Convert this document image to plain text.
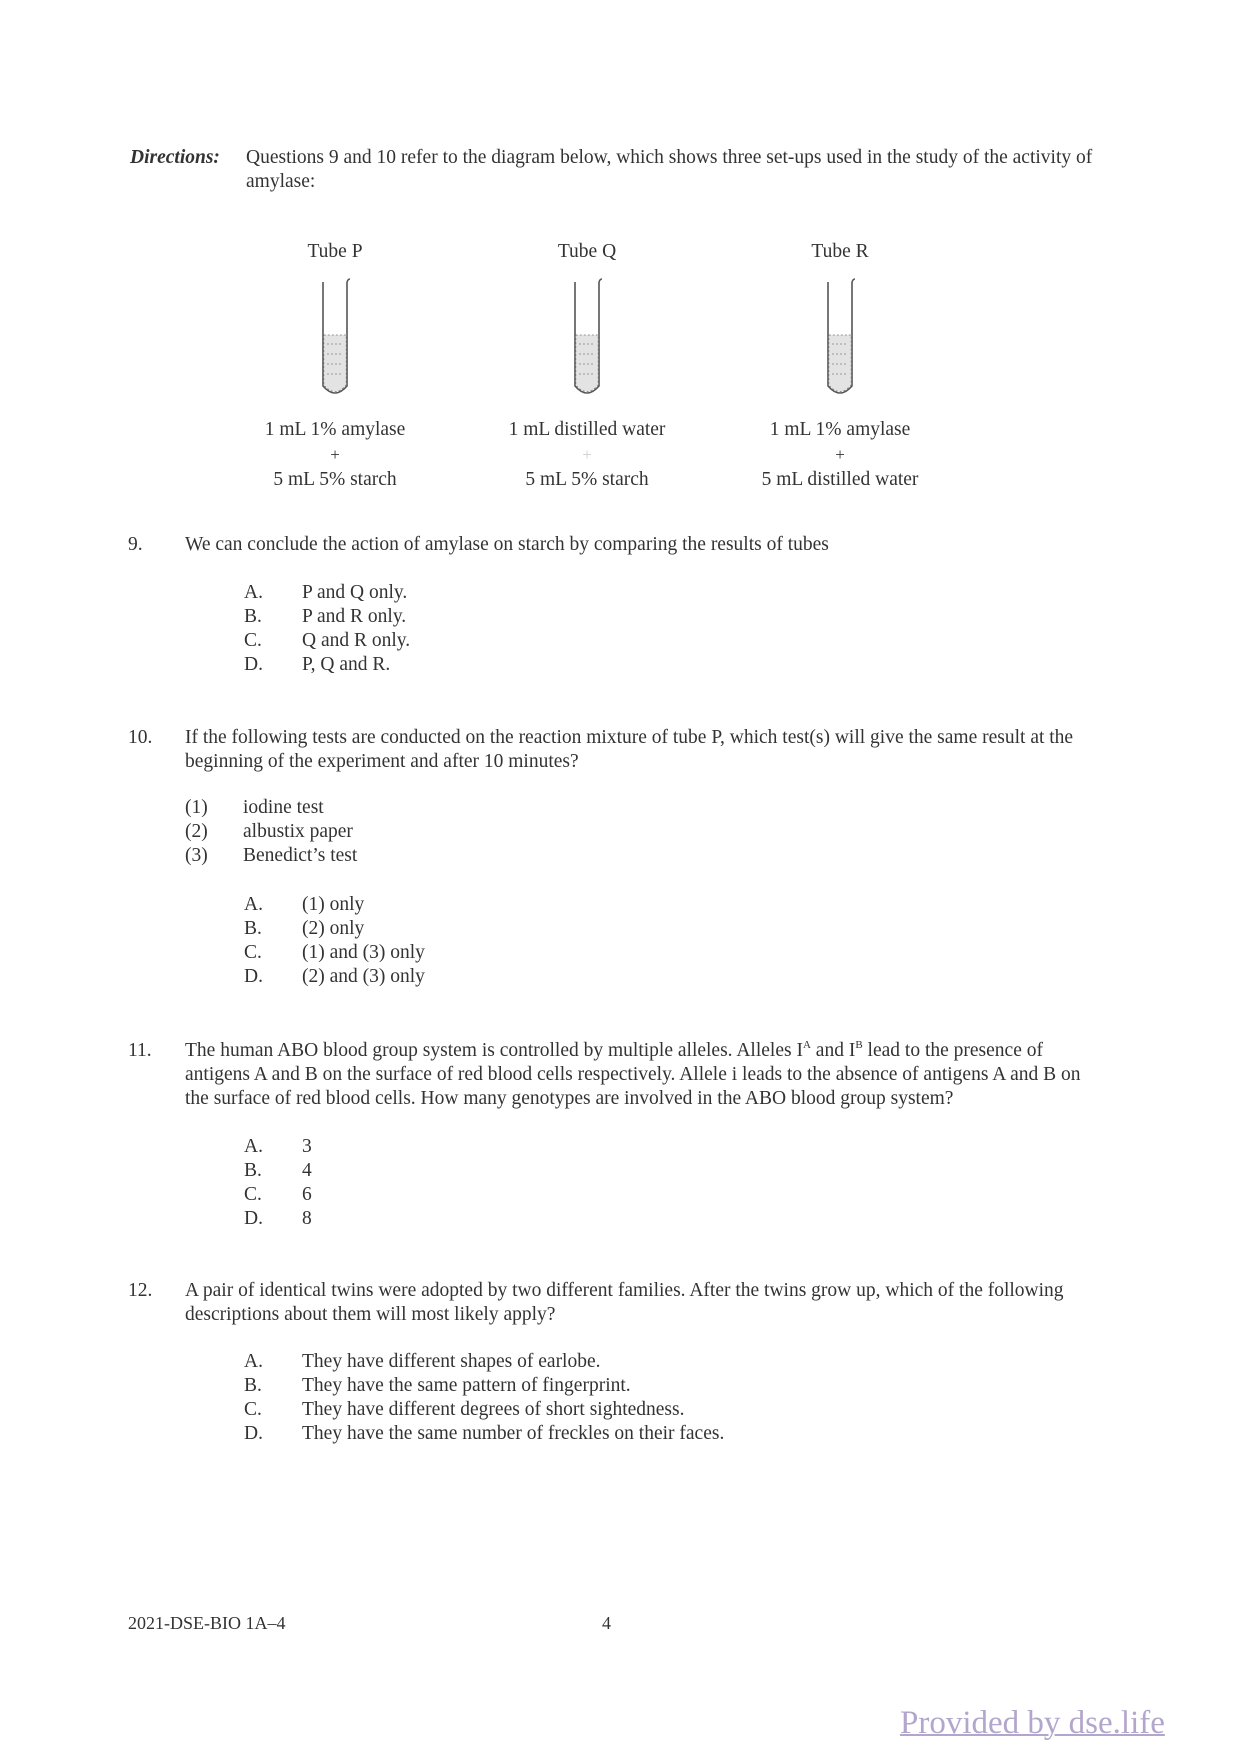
Directions:	Questions 9 and 10 refer to the diagram below, which shows three set-ups used in the study of the activity of amylase:
Tube P
1 mL 1% amylase
+
5 mL 5% starch
Tube Q
1 mL distilled water
+
5 mL 5% starch
Tube R
1 mL 1% amylase
+
5 mL distilled water
9.	We can conclude the action of amylase on starch by comparing the results of tubes
A.	P and Q only.
B.	P and R only.
C.	Q and R only.
D.	P, Q and R.
10.	If the following tests are conducted on the reaction mixture of tube P, which test(s) will give the same result at the beginning of the experiment and after 10 minutes?
(1)	iodine test
(2)	albustix paper
(3)	Benedict’s test
A.	(1) only
B.	(2) only
C.	(1) and (3) only
D.	(2) and (3) only
11.	The human ABO blood group system is controlled by multiple alleles. Alleles $I^A$ and $I^B$ lead to the presence of antigens A and B on the surface of red blood cells respectively. Allele i leads to the absence of antigens A and B on the surface of red blood cells. How many genotypes are involved in the ABO blood group system?
A.	3
B.	4
C.	6
D.	8
12.	A pair of identical twins were adopted by two different families. After the twins grow up, which of the following descriptions about them will most likely apply?
A.	They have different shapes of earlobe.
B.	They have the same pattern of fingerprint.
C.	They have different degrees of short sightedness.
D.	They have the same number of freckles on their faces.
2021-DSE-BIO 1A–4	4
Provided by dse.life
